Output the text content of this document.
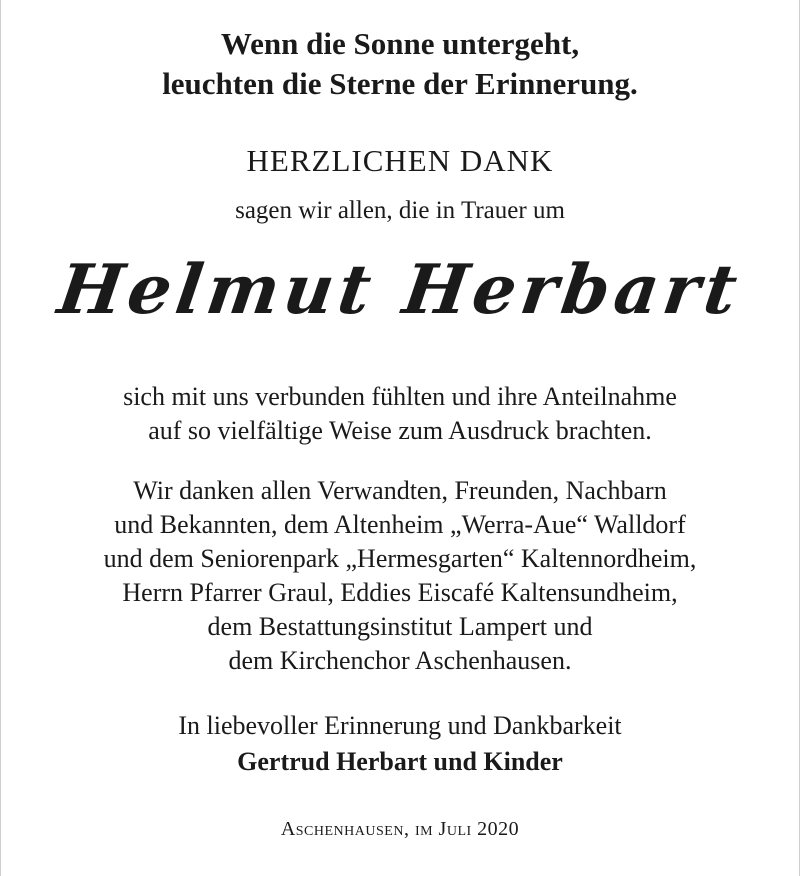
Wenn die Sonne untergeht,
leuchten die Sterne der Erinnerung.
HERZLICHEN DANK
sagen wir allen, die in Trauer um
Helmut Herbart
sich mit uns verbunden fühlten und ihre Anteilnahme
auf so vielfältige Weise zum Ausdruck brachten.
Wir danken allen Verwandten, Freunden, Nachbarn
und Bekannten, dem Altenheim „Werra-Aue“ Walldorf
und dem Seniorenpark „Hermesgarten“ Kaltennordheim,
Herrn Pfarrer Graul, Eddies Eiscafé Kaltensundheim,
dem Bestattungsinstitut Lampert und
dem Kirchenchor Aschenhausen.
In liebevoller Erinnerung und Dankbarkeit
Gertrud Herbart und Kinder
Aschenhausen, im Juli 2020
